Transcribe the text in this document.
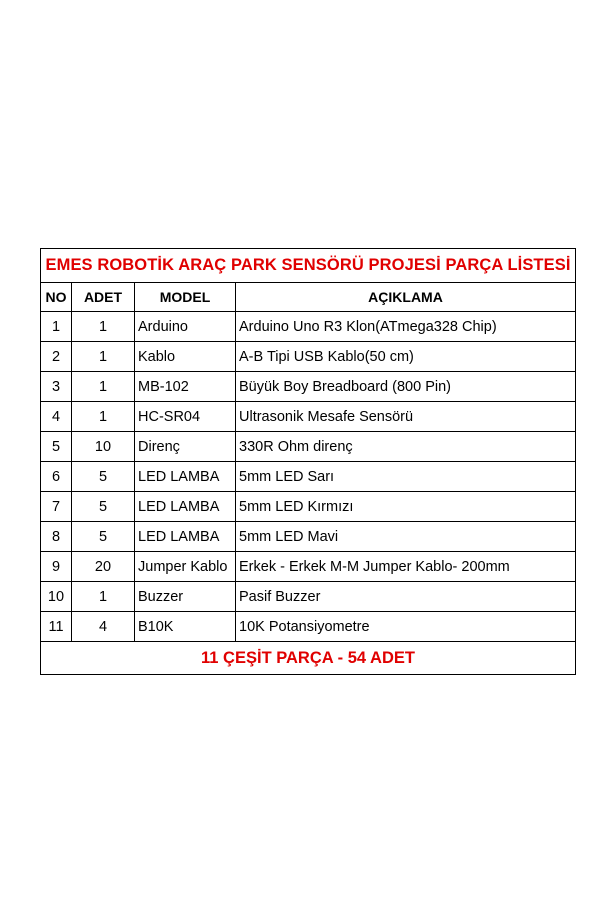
EMES ROBOTİK ARAÇ PARK SENSÖRÜ PROJESİ PARÇA LİSTESİ			
NO	ADET	MODEL	AÇIKLAMA
1	1	Arduino	Arduino Uno R3 Klon(ATmega328 Chip)
2	1	Kablo	A-B Tipi USB Kablo(50 cm)
3	1	MB-102	Büyük Boy Breadboard (800 Pin)
4	1	HC-SR04	Ultrasonik Mesafe Sensörü
5	10	Direnç	330R Ohm direnç
6	5	LED LAMBA	5mm LED Sarı
7	5	LED LAMBA	5mm LED Kırmızı
8	5	LED LAMBA	5mm LED Mavi
9	20	Jumper Kablo	Erkek - Erkek M-M Jumper Kablo- 200mm
10	1	Buzzer	Pasif Buzzer
11	4	B10K	10K Potansiyometre
11 ÇEŞİT PARÇA - 54 ADET			
